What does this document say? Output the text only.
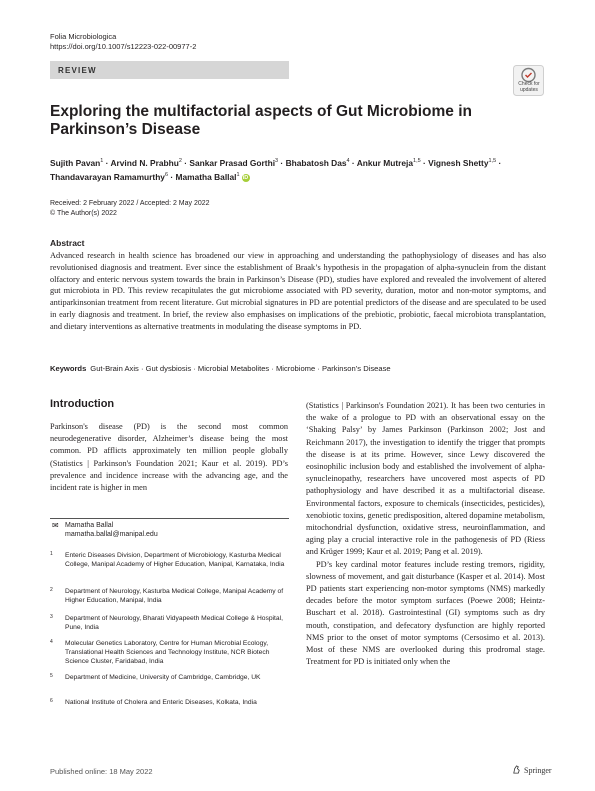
Folia Microbiologica
https://doi.org/10.1007/s12223-022-00977-2
REVIEW
Check for updates
Exploring the multifactorial aspects of Gut Microbiome in Parkinson’s Disease
Sujith Pavan$^1$ · Arvind N. Prabhu$^2$ · Sankar Prasad Gorthi$^3$ · Bhabatosh Das$^4$ · Ankur Mutreja$^{1,5}$ · Vignesh Shetty$^{1,5}$ ·
Thandavarayan Ramamurthy$^6$ · Mamatha Ballal$^1$ iD
Received: 2 February 2022 / Accepted: 2 May 2022
© The Author(s) 2022
Abstract
Advanced research in health science has broadened our view in approaching and understanding the pathophysiology of diseases and has also revolutionised diagnosis and treatment. Ever since the establishment of Braak’s hypothesis in the propagation of alpha-synuclein from the distant olfactory and enteric nervous system towards the brain in Parkinson’s Disease (PD), studies have explored and revealed the involvement of altered gut microbiota in PD. This review recapitulates the gut microbiome associated with PD severity, duration, motor and non-motor symptoms, and antiparkinsonian treatment from recent literature. Gut microbial signatures in PD are potential predictors of the disease and are speculated to be used in early diagnosis and treatment. In brief, the review also emphasises on implications of the prebiotic, probiotic, faecal microbiota transplantation, and dietary interventions as alternative treatments in modulating the disease symptoms in PD.
Keywords Gut-Brain Axis · Gut dysbiosis · Microbial Metabolites · Microbiome · Parkinson’s Disease
Introduction
Parkinson's disease (PD) is the second most common neurodegenerative disorder, Alzheimer’s disease being the most common. PD afflicts approximately ten million people globally (Statistics | Parkinson's Foundation 2021; Kaur et al. 2019). PD’s prevalence and incidence increase with the advancing age, and the incident rate is higher in men

(Statistics | Parkinson's Foundation 2021). It has been two centuries in the wake of a prologue to PD with an observational essay on the ‘Shaking Palsy’ by James Parkinson (Parkinson 2002; Jost and Reichmann 2017), the investigation to identify the trigger that prompts the disease is at its prime. However, since Lewy discovered the eosinophilic inclusion body and established the involvement of alpha-synucleinopathy, researchers have uncovered most aspects of PD pathophysiology and have described it as a multifactorial disease. Environmental factors, exposure to chemicals (insecticides, pesticides), xenobiotic toxins, genetic predisposition, altered dopamine metabolism, mitochondrial dysfunction, oxidative stress, neuroinflammation, and aging play a crucial interactive role in the pathogenesis of PD (Riess and Krüger 1999; Kaur et al. 2019; Pang et al. 2019).

PD’s key cardinal motor features include resting tremors, rigidity, slowness of movement, and gait disturbance (Kasper et al. 2014). Most PD patients start experiencing non-motor symptoms (NMS) markedly decades before the motor symptom surfaces (Poewe 2008; Heintz-Buschart et al. 2018). Gastrointestinal (GI) symptoms such as dry mouth, constipation, and defecatory dysfunction are highly reported NMS prior to the onset of motor symptoms (Cersosimo et al. 2013). Most of these NMS are overlooked during this prodromal stage. Treatment for PD is initiated only when the

✉ Mamatha Ballal
mamatha.ballal@manipal.edu
1 Enteric Diseases Division, Department of Microbiology, Kasturba Medical College, Manipal Academy of Higher Education, Manipal, Karnataka, India
2 Department of Neurology, Kasturba Medical College, Manipal Academy of Higher Education, Manipal, India
3 Department of Neurology, Bharati Vidyapeeth Medical College & Hospital, Pune, India
4 Molecular Genetics Laboratory, Centre for Human Microbial Ecology, Translational Health Sciences and Technology Institute, NCR Biotech Science Cluster, Faridabad, India
5 Department of Medicine, University of Cambridge, Cambridge, UK
6 National Institute of Cholera and Enteric Diseases, Kolkata, India
Published online: 18 May 2022	Springer
